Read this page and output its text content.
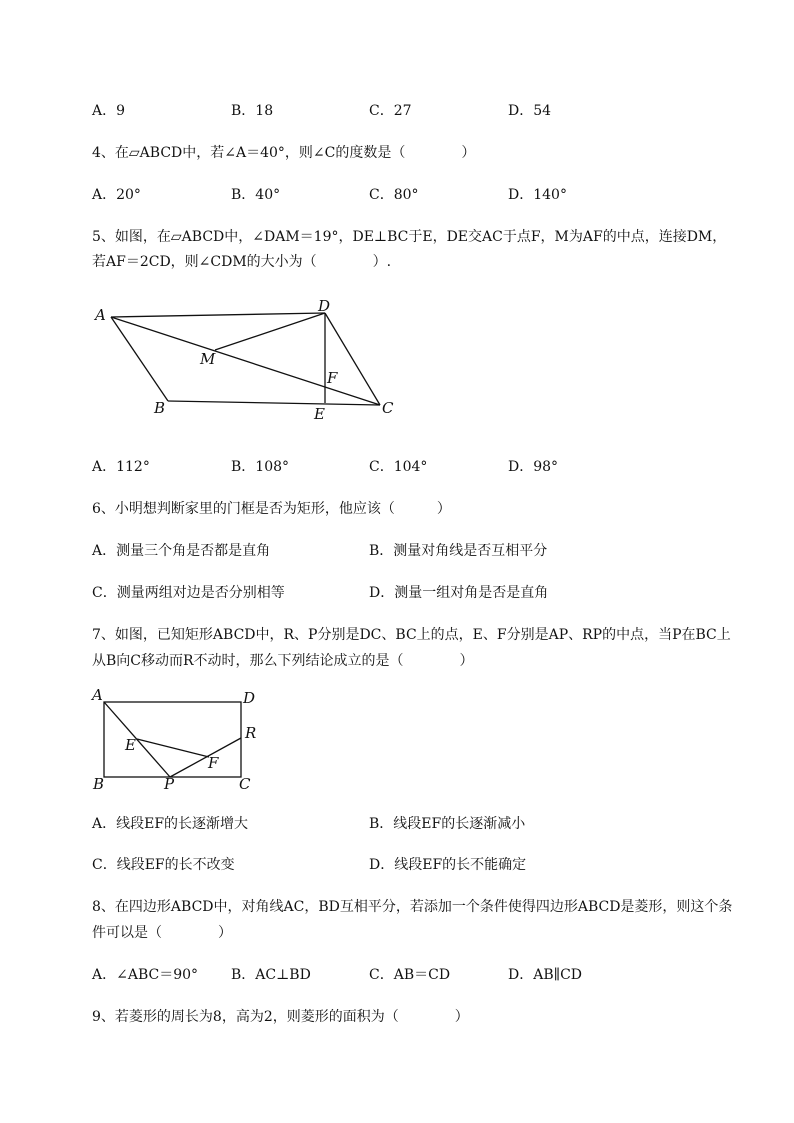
A．9	B．18	C．27	D．54
4、在▱ABCD中，若∠A＝40°，则∠C的度数是（　　　　）
A．20°	B．40°	C．80°	D．140°
5、如图，在▱ABCD中，∠DAM＝19°，DE⊥BC于E，DE交AC于点F，M为AF的中点，连接DM，
若AF＝2CD，则∠CDM的大小为（　　　　）.
A	D
M
F
B	E	C
A．112°	B．108°	C．104°	D．98°
6、小明想判断家里的门框是否为矩形，他应该（　　　）
A．测量三个角是否都是直角	B．测量对角线是否互相平分
C．测量两组对边是否分别相等	D．测量一组对角是否是直角
7、如图，已知矩形ABCD中，R、P分别是DC、BC上的点，E、F分别是AP、RP的中点，当P在BC上
从B向C移动而R不动时，那么下列结论成立的是（　　　　）
A	D
R
E
F
B	P	C
A．线段EF的长逐渐增大	B．线段EF的长逐渐减小
C．线段EF的长不改变	D．线段EF的长不能确定
8、在四边形ABCD中，对角线AC，BD互相平分，若添加一个条件使得四边形ABCD是菱形，则这个条
件可以是（　　　　）
A．∠ABC＝90° B．AC⊥BD	C．AB＝CD	D．AB∥CD
9、若菱形的周长为8，高为2，则菱形的面积为（　　　　）
